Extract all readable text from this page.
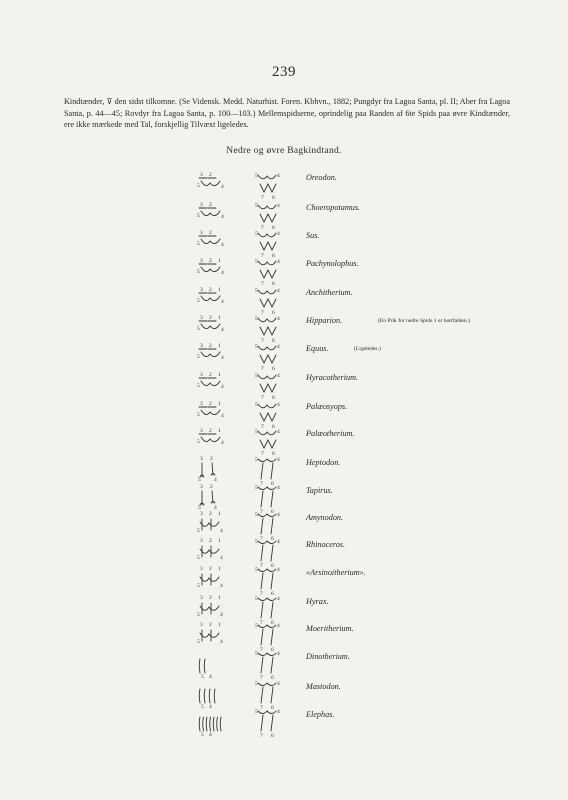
239
Kindtænder, ⊽ den sidst tilkomne. (Se Vidensk. Medd. Naturhist. Foren. Kbhvn., 1882; Pungdyr fra Lagoa Santa, pl. II; Aber fra Lagoa Santa, p. 44—45; Rovdyr fra Lagoa Santa, p. 100—103.) Mellemspidserne, oprindelig paa Randen af 6te Spids paa øvre Kindtænder, ere ikke mærkede med Tal, forskjellig Tilvæxt ligeledes.
Nedre og øvre Bagkindtand.
3 2
5	4
5	4
7 6
Oreodon.
3 2
5	4
5	4
7 6
Choeropotamus.
3 2
5	4
5	4
7 6
Sus.
3 2 1
5	4
5	4
7 6
Pachynolophus.
3 2 1
5	4
5	4
7 6
Anchitherium.
3 2 1
5	4
5	4
7 6
Hipparion.	(En Prik for nedre Spids 1 er bortfalden.)
3 2 1
5	4
5	4
7 6
Equus.	(Ligeledes.)
3 2 1
5	4
5	4
7 6
Hyracotherium.
3 2 1
5	4
5	4
7 6
Palæosyops.
3 2 1
5	4
5	4
7 6
Palæotherium.
3 2
5 4
5	4
7 6
Heptodon.
3 2
5 4
5	4
7 6
Tapirus.
3 2 1
5	4
5	4
7 6
Amynodon.
3 2 1
5	4
5	4
7 6
Rhinoceros.
3 2 1
5	4
5	4
7 6
«Arsinoitherium».
3 2 1
5	4
5	4
7 6
Hyrax.
3 2 1
5	4
5	4
7 6
Moeritherium.
5 4
5	4
7 6
Dinotherium.
5 4
5	4
7 6
Mastodon.
5 4
5	4
7 6
Elephas.
